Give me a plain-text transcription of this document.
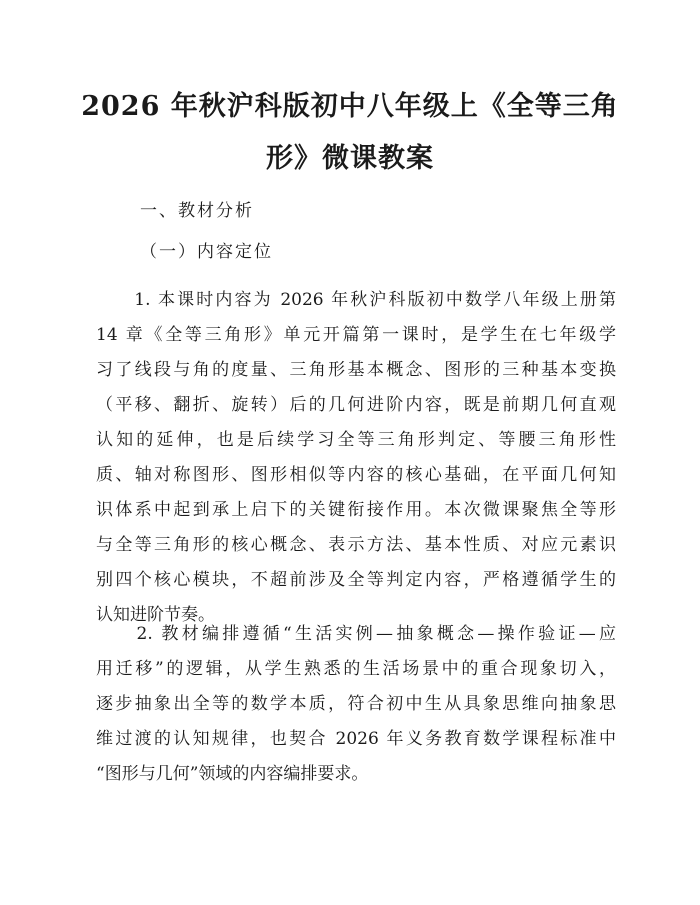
2026 年秋沪科版初中八年级上《全等三角
形》微课教案
一、教材分析
（一）内容定位
　　1. 本课时内容为 2026 年秋沪科版初中数学八年级上册第
14 章《全等三角形》单元开篇第一课时，是学生在七年级学
习了线段与角的度量、三角形基本概念、图形的三种基本变换
（平移、翻折、旋转）后的几何进阶内容，既是前期几何直观
认知的延伸，也是后续学习全等三角形判定、等腰三角形性
质、轴对称图形、图形相似等内容的核心基础，在平面几何知
识体系中起到承上启下的关键衔接作用。本次微课聚焦全等形
与全等三角形的核心概念、表示方法、基本性质、对应元素识
别四个核心模块，不超前涉及全等判定内容，严格遵循学生的
认知进阶节奏。
　　2. 教材编排遵循“生活实例—抽象概念—操作验证—应
用迁移”的逻辑，从学生熟悉的生活场景中的重合现象切入，
逐步抽象出全等的数学本质，符合初中生从具象思维向抽象思
维过渡的认知规律，也契合 2026 年义务教育数学课程标准中
“图形与几何”领域的内容编排要求。
